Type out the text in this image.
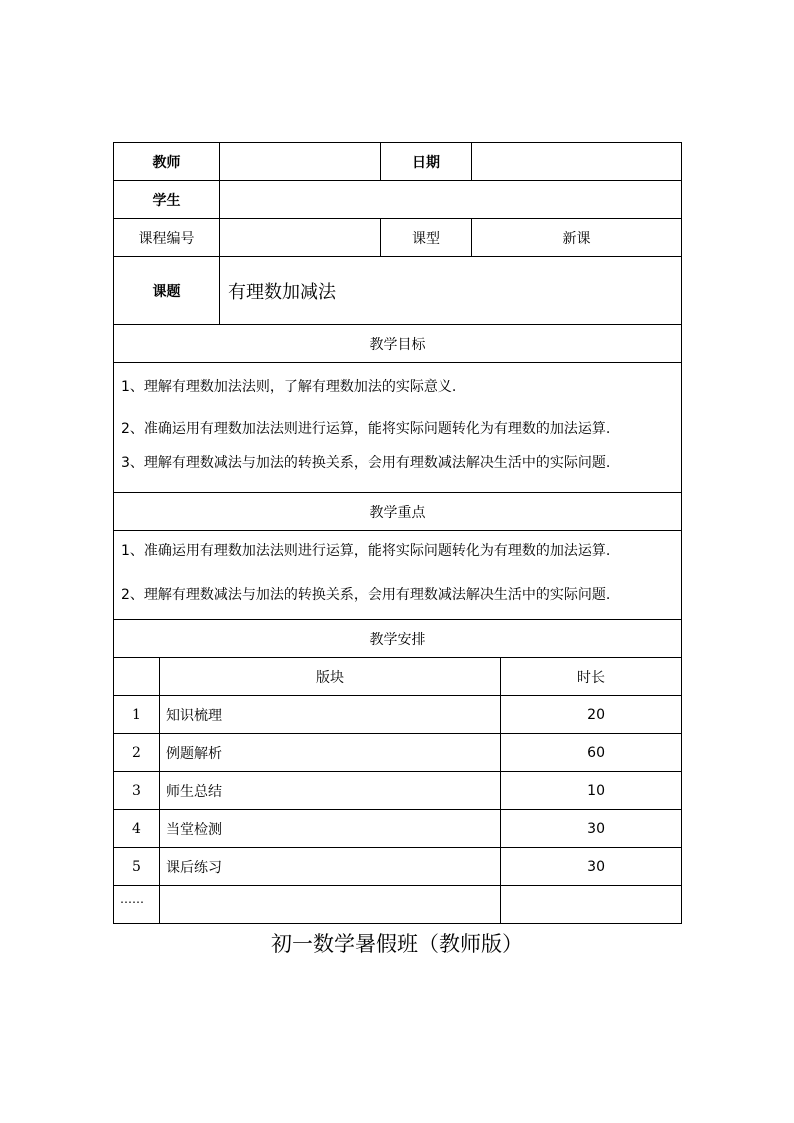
教师		日期	
学生			
课程编号		课型	新课
课题	有理数加减法		
教学目标			

1、理解有理数加法法则，了解有理数加法的实际意义.
2、准确运用有理数加法法则进行运算，能将实际问题转化为有理数的加法运算.
3、理解有理数减法与加法的转换关系，会用有理数减法解决生活中的实际问题.			

教学重点			

1、准确运用有理数加法法则进行运算，能将实际问题转化为有理数的加法运算.
2、理解有理数减法与加法的转换关系，会用有理数减法解决生活中的实际问题.			

教学安排			
	版块	时长
1	知识梳理	20
2	例题解析	60
3	师生总结	10
4	当堂检测	30
5	课后练习	30
……		
初一数学暑假班（教师版）
